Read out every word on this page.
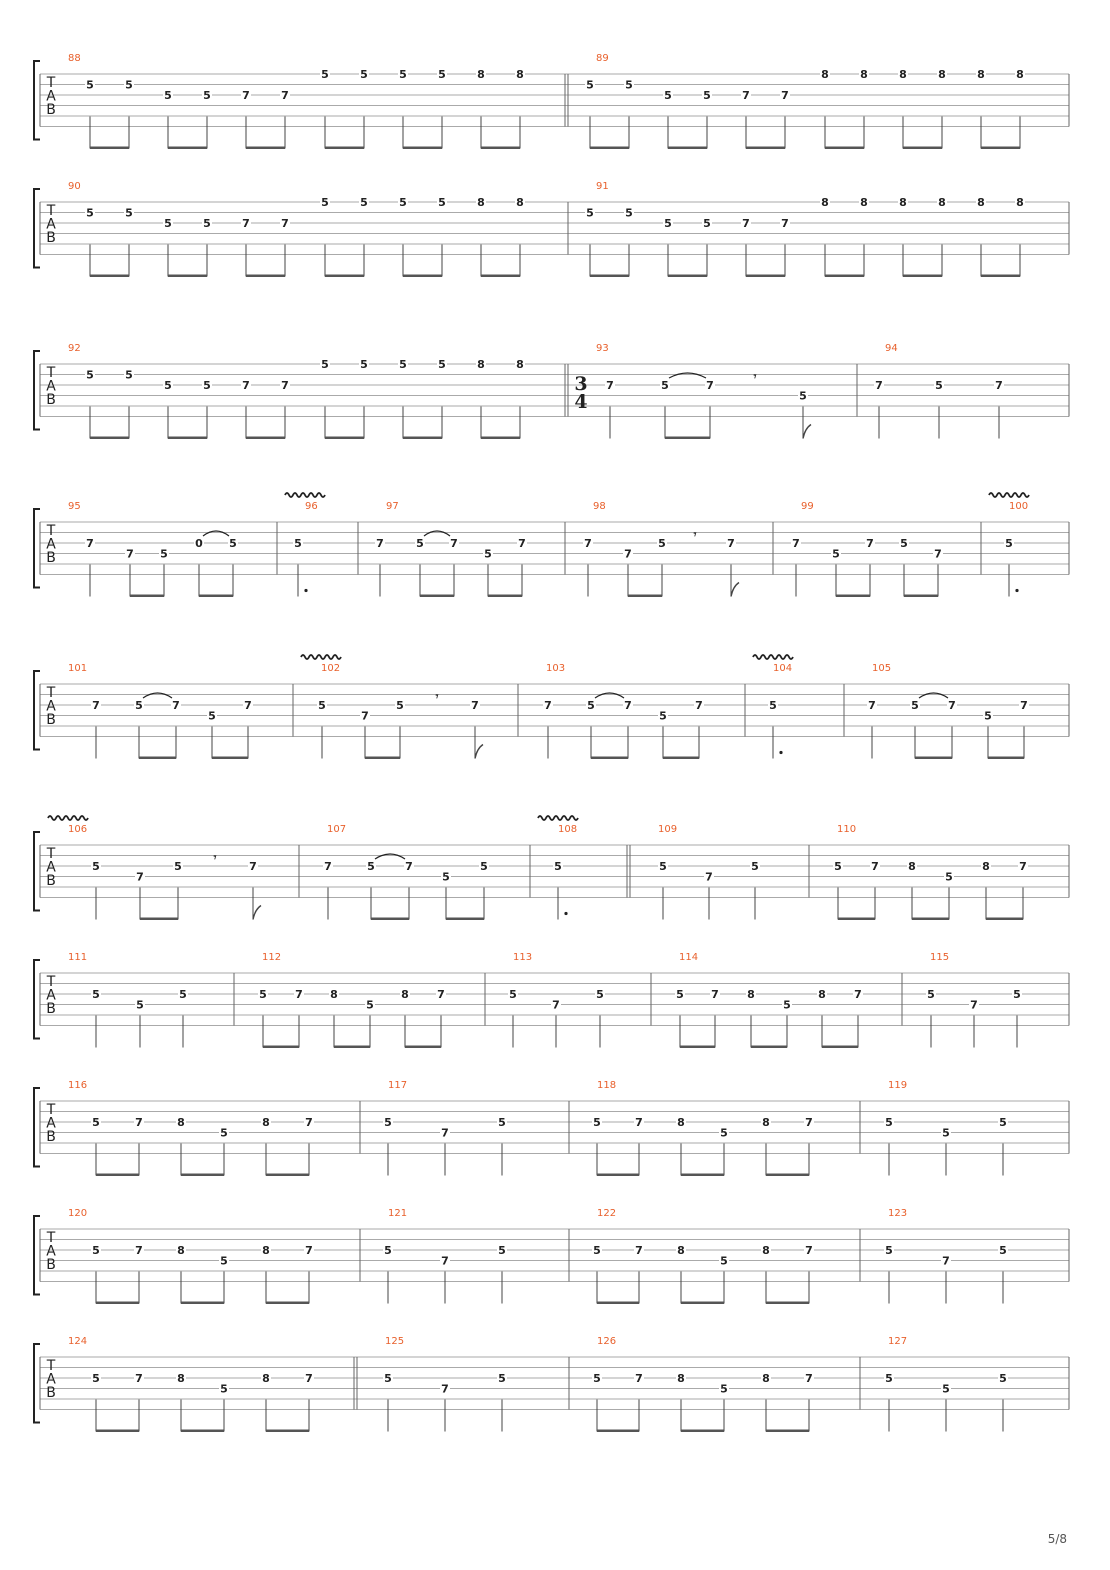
T
A
B
88
5	5
5	5	7	7
5	5	5	5	8	8
89
5	5
5	5	7	7
8	8	8	8	8	8
T
A
B
90
5	5
5	5	7	7
5	5	5	5	8	8
91
5	5
5	5	7	7
8	8	8	8	8	8
T
A
B
92
5	5
5	5	7	7
5	5	5	5	8	8
93
3
4
7	5	7
𝄾
5
94
7	5	7
T
A
B
95
7
7 5
0 5
96
5
97
7	5 7
5
7
98
7
7
5
𝄾
7
99
7
5
7 5
7
100
5
T
A
B
101
7	5	7
5
7
102
5
7
5
𝄾
7
103
7	5	7
5
7
104
5
105
7	5	7
5
7
T
A
B
106
5
7
5
𝄾
7
107
7	5	7
5
5
108
5
109
5
7
5
110
5	7	8
5
8	7
T
A
B
111
5
5
5
112
5	7 8
5
8	7
113
5
7
5
114
5 7	8
5
8	7
115
5
7
5
T
A
B
116
5	7	8
5
8	7
117
5
7
5
118
5	7	8
5
8	7
119
5
5
5
T
A
B
120
5	7	8
5
8	7
121
5
7
5
122
5	7	8
5
8	7
123
5
7
5
T
A
B
124
5	7	8
5
8	7
125
5
7
5
126
5	7	8
5
8	7
127
5
5
5
5/8
